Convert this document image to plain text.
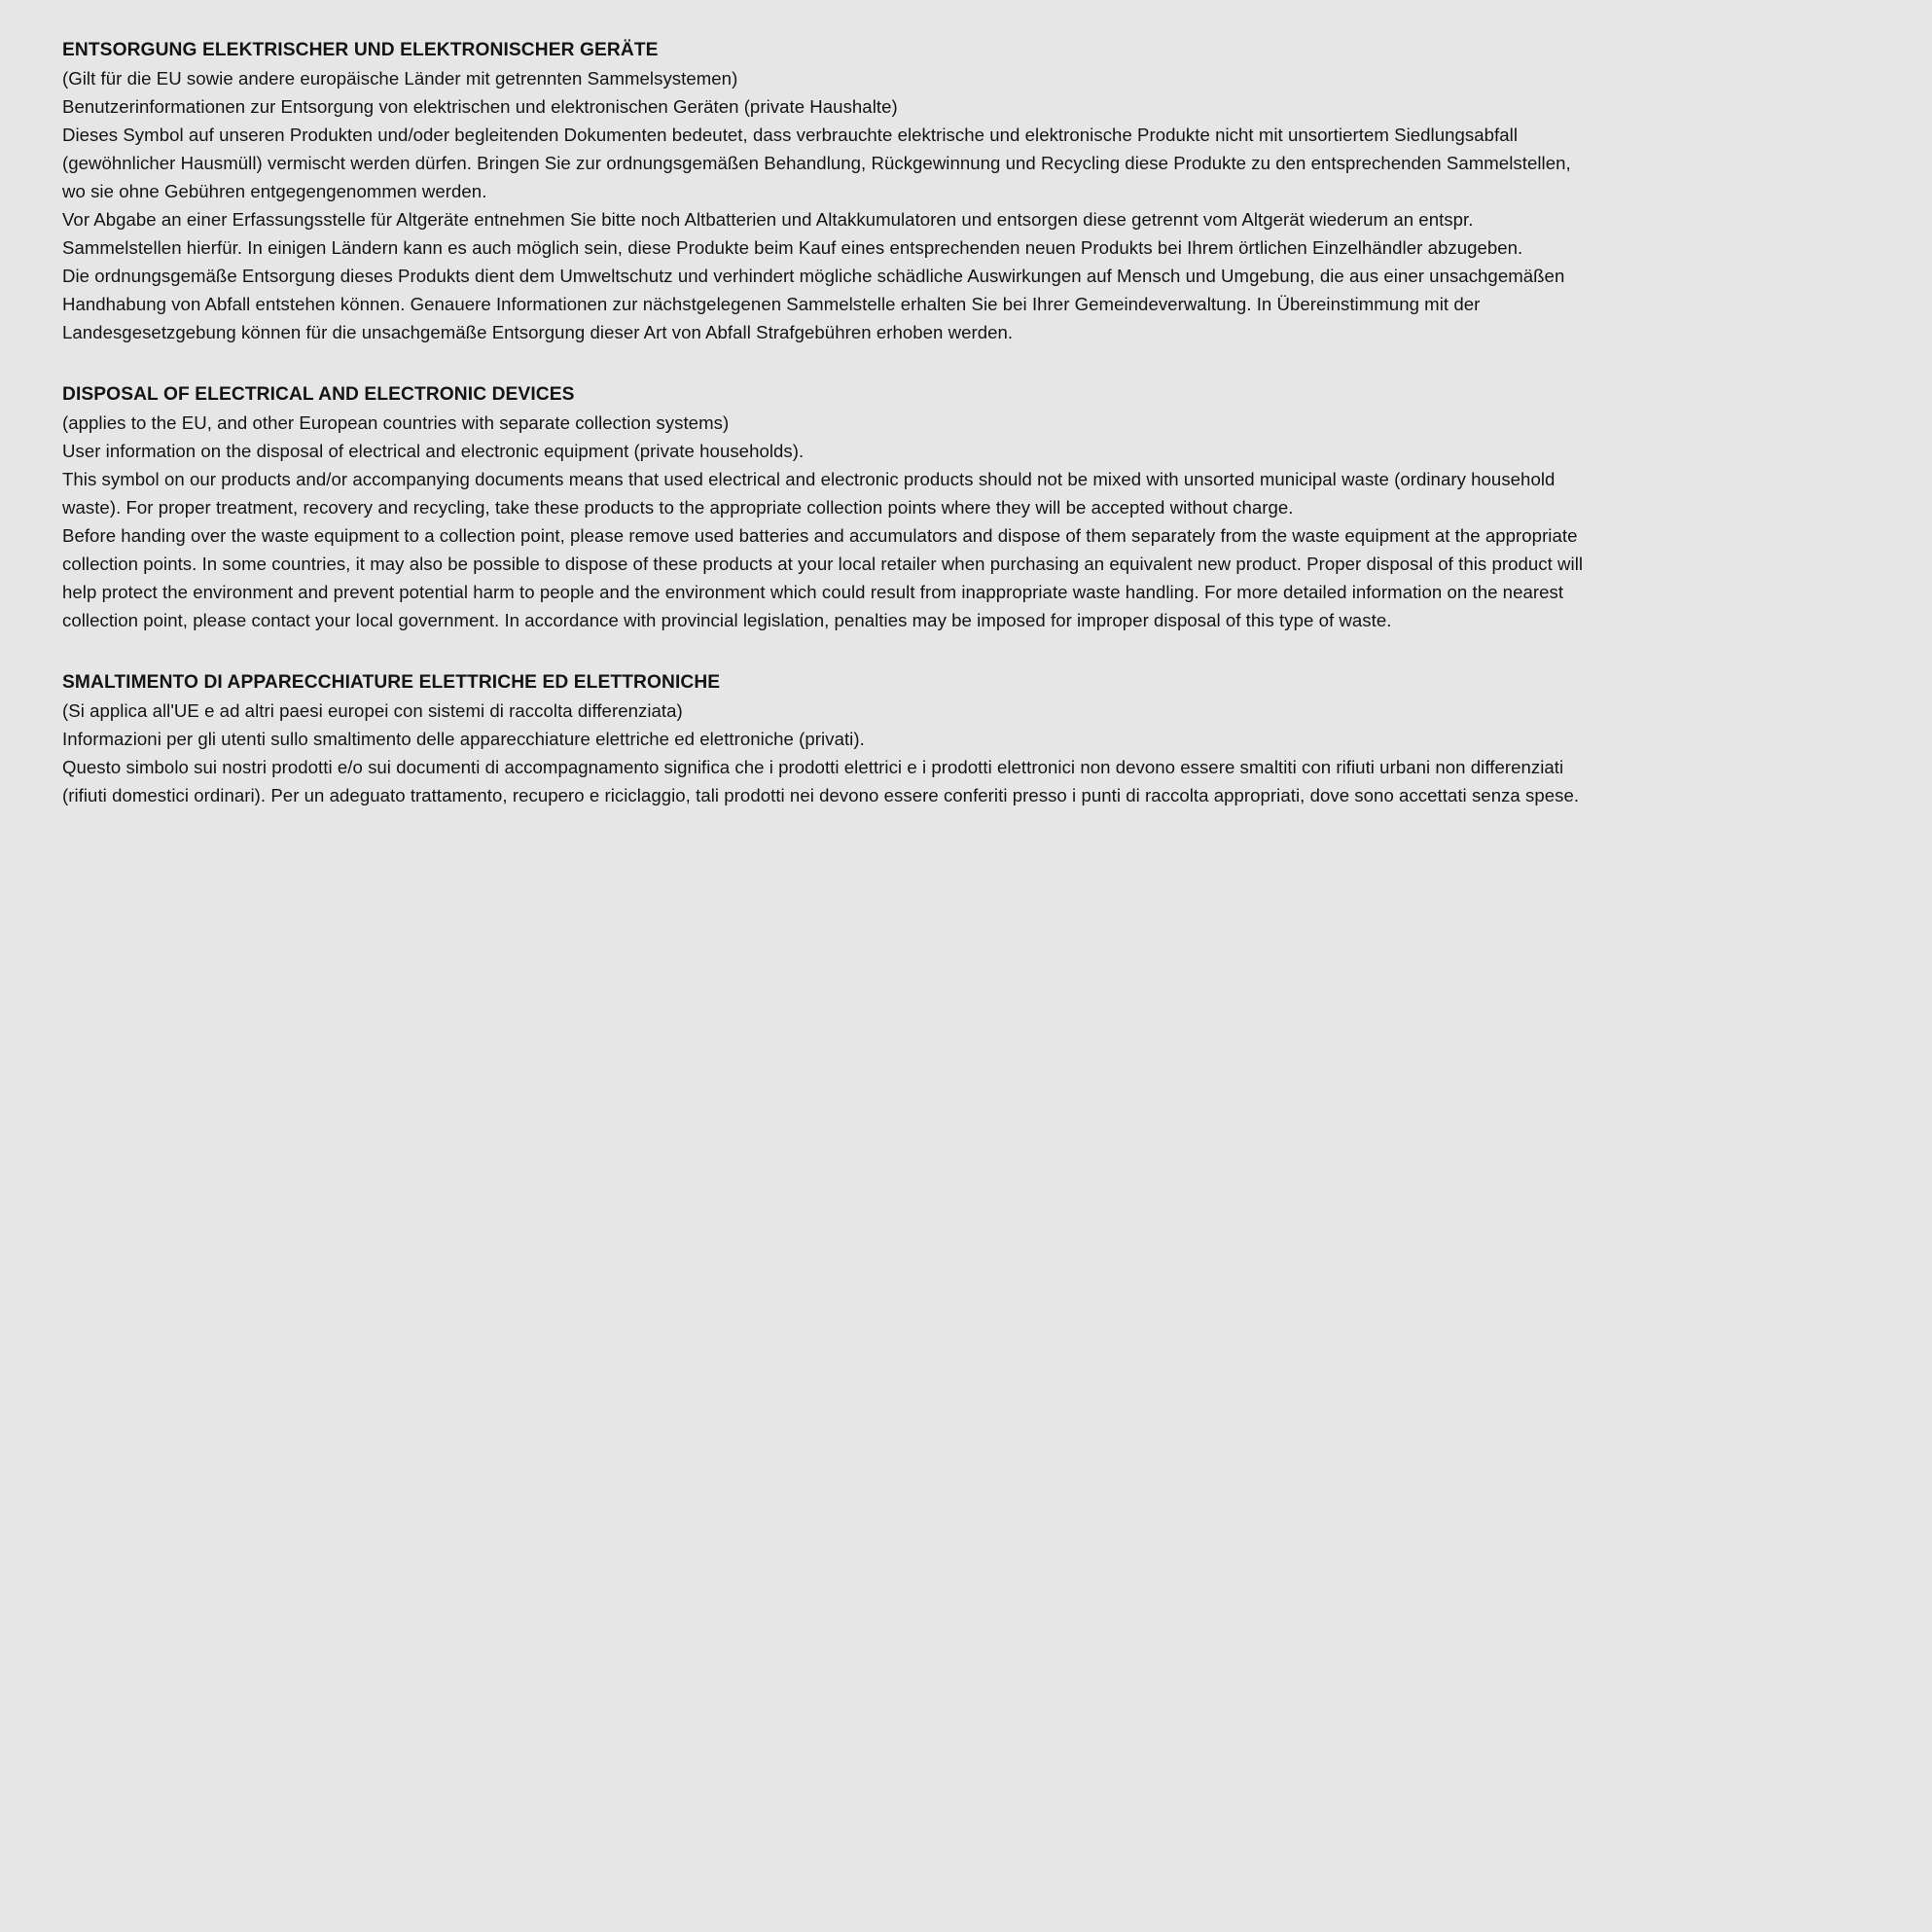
ENTSORGUNG ELEKTRISCHER UND ELEKTRONISCHER GERÄTE
(Gilt für die EU sowie andere europäische Länder mit getrennten Sammelsystemen)
Benutzerinformationen zur Entsorgung von elektrischen und elektronischen Geräten (private Haushalte)
Dieses Symbol auf unseren Produkten und/oder begleitenden Dokumenten bedeutet, dass verbrauchte elektrische und elektronische Produkte nicht mit unsortiertem Siedlungsabfall
(gewöhnlicher Hausmüll) vermischt werden dürfen. Bringen Sie zur ordnungsgemäßen Behandlung, Rückgewinnung und Recycling diese Produkte zu den entsprechenden Sammelstellen,
wo sie ohne Gebühren entgegengenommen werden.
Vor Abgabe an einer Erfassungsstelle für Altgeräte entnehmen Sie bitte noch Altbatterien und Altakkumulatoren und entsorgen diese getrennt vom Altgerät wiederum an entspr.
Sammelstellen hierfür. In einigen Ländern kann es auch möglich sein, diese Produkte beim Kauf eines entsprechenden neuen Produkts bei Ihrem örtlichen Einzelhändler abzugeben.
Die ordnungsgemäße Entsorgung dieses Produkts dient dem Umweltschutz und verhindert mögliche schädliche Auswirkungen auf Mensch und Umgebung, die aus einer unsachgemäßen
Handhabung von Abfall entstehen können. Genauere Informationen zur nächstgelegenen Sammelstelle erhalten Sie bei Ihrer Gemeindeverwaltung. In Übereinstimmung mit der
Landesgesetzgebung können für die unsachgemäße Entsorgung dieser Art von Abfall Strafgebühren erhoben werden.
DISPOSAL OF ELECTRICAL AND ELECTRONIC DEVICES
(applies to the EU, and other European countries with separate collection systems)
User information on the disposal of electrical and electronic equipment (private households).
This symbol on our products and/or accompanying documents means that used electrical and electronic products should not be mixed with unsorted municipal waste (ordinary household
waste). For proper treatment, recovery and recycling, take these products to the appropriate collection points where they will be accepted without charge.
Before handing over the waste equipment to a collection point, please remove used batteries and accumulators and dispose of them separately from the waste equipment at the appropriate
collection points. In some countries, it may also be possible to dispose of these products at your local retailer when purchasing an equivalent new product. Proper disposal of this product will
help protect the environment and prevent potential harm to people and the environment which could result from inappropriate waste handling. For more detailed information on the nearest
collection point, please contact your local government. In accordance with provincial legislation, penalties may be imposed for improper disposal of this type of waste.
SMALTIMENTO DI APPARECCHIATURE ELETTRICHE ED ELETTRONICHE
(Si applica all'UE e ad altri paesi europei con sistemi di raccolta differenziata)
Informazioni per gli utenti sullo smaltimento delle apparecchiature elettriche ed elettroniche (privati).
Questo simbolo sui nostri prodotti e/o sui documenti di accompagnamento significa che i prodotti elettrici e i prodotti elettronici non devono essere smaltiti con rifiuti urbani non differenziati
(rifiuti domestici ordinari). Per un adeguato trattamento, recupero e riciclaggio, tali prodotti nei devono essere conferiti presso i punti di raccolta appropriati, dove sono accettati senza spese.
